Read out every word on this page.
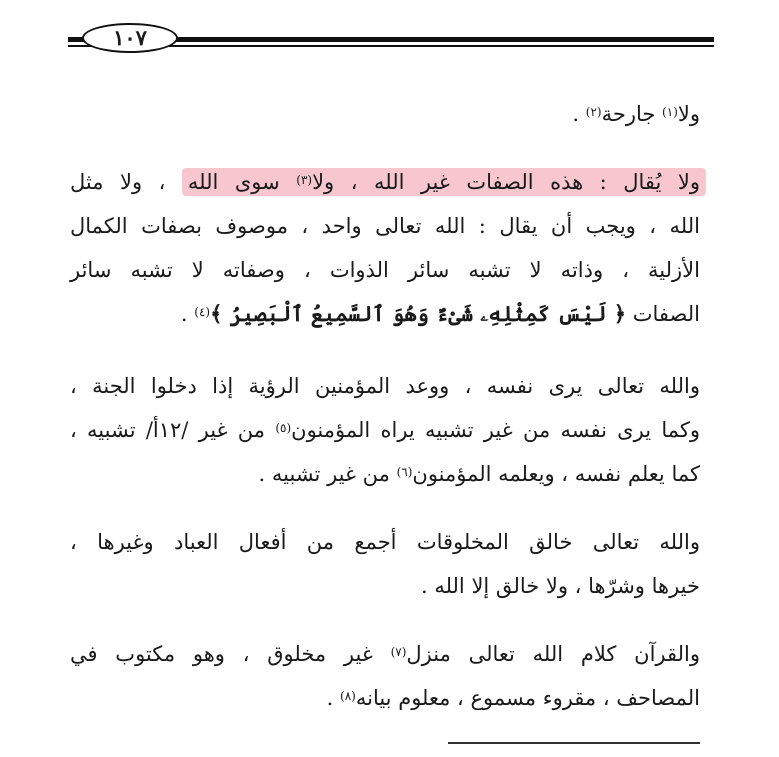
١٠٧
ولا$^{(١)}$ جارحة$^{(٢)}$ .
ولا يُقال : هذه الصفات غير الله ، ولا$^{(٣)}$ سوى الله ، ولا مثل
الله ، ويجب أن يقال : الله تعالى واحد ، موصوف بصفات الكمال
الأزلية ، وذاته لا تشبه سائر الذوات ، وصفاته لا تشبه سائر
الصفات ﴿ لَيْسَ كَمِثْلِهِۦ شَىْءٌ وَهُوَ ٱلسَّمِيعُ ٱلْبَصِيرُ ﴾$^{(٤)}$ .
والله تعالى يرى نفسه ، ووعد المؤمنين الرؤية إذا دخلوا الجنة ،
وكما يرى نفسه من غير تشبيه يراه المؤمنون$^{(٥)}$ من غير /١٢أ/ تشبيه ،
كما يعلم نفسه ، ويعلمه المؤمنون$^{(٦)}$ من غير تشبيه .
والله تعالى خالق المخلوقات أجمع من أفعال العباد وغيرها ،
خيرها وشرّها ، ولا خالق إلا الله .
والقرآن كلام الله تعالى منزل$^{(٧)}$ غير مخلوق ، وهو مكتوب في
المصاحف ، مقروء مسموع ، معلوم بيانه$^{(٨)}$ .
